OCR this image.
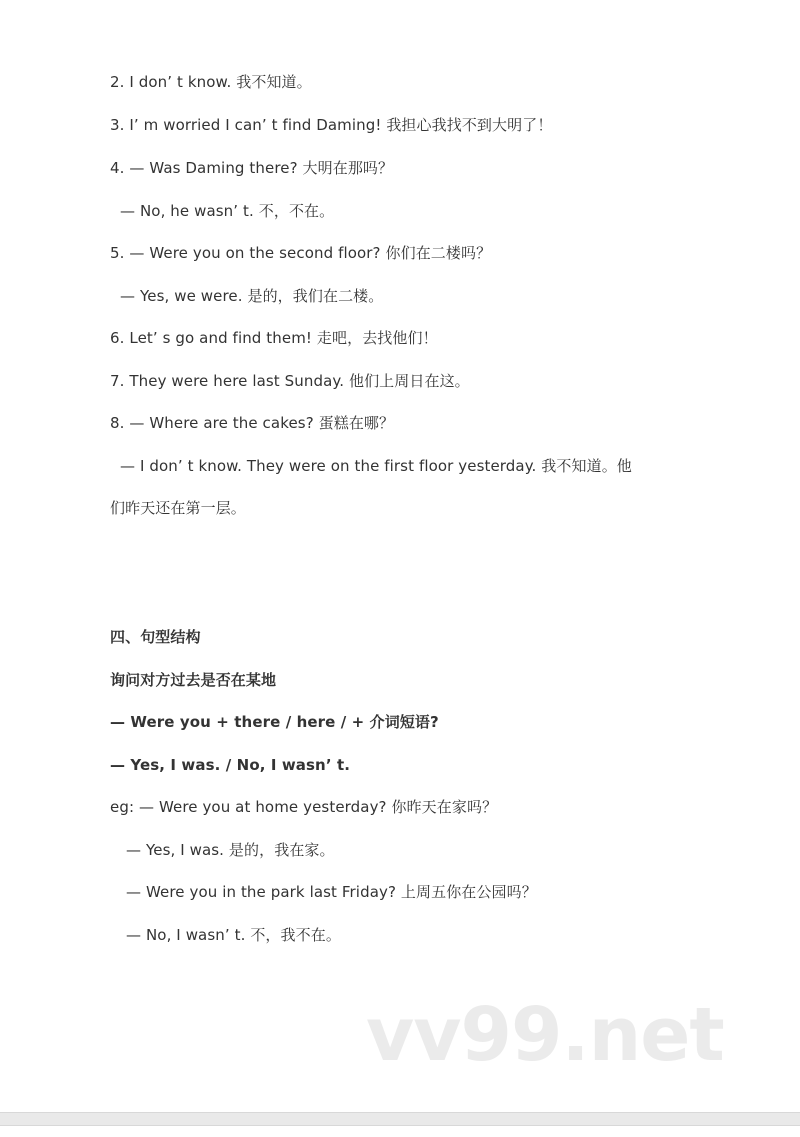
2. I don’ t know. 我不知道。
3. I’ m worried I can’ t find Daming! 我担心我找不到大明了！
4. — Was Daming there? 大明在那吗？
— No, he wasn’ t. 不，不在。
5. — Were you on the second floor? 你们在二楼吗？
— Yes, we were. 是的，我们在二楼。
6. Let’ s go and find them! 走吧，去找他们！
7. They were here last Sunday. 他们上周日在这。
8. — Where are the cakes? 蛋糕在哪？
— I don’ t know. They were on the first floor yesterday. 我不知道。他
们昨天还在第一层。
四、句型结构
询问对方过去是否在某地
— Were you + there / here / + 介词短语?
— Yes, I was. / No, I wasn’ t.
eg: — Were you at home yesterday? 你昨天在家吗？
— Yes, I was. 是的，我在家。
— Were you in the park last Friday? 上周五你在公园吗？
— No, I wasn’ t. 不，我不在。
vv99.net
